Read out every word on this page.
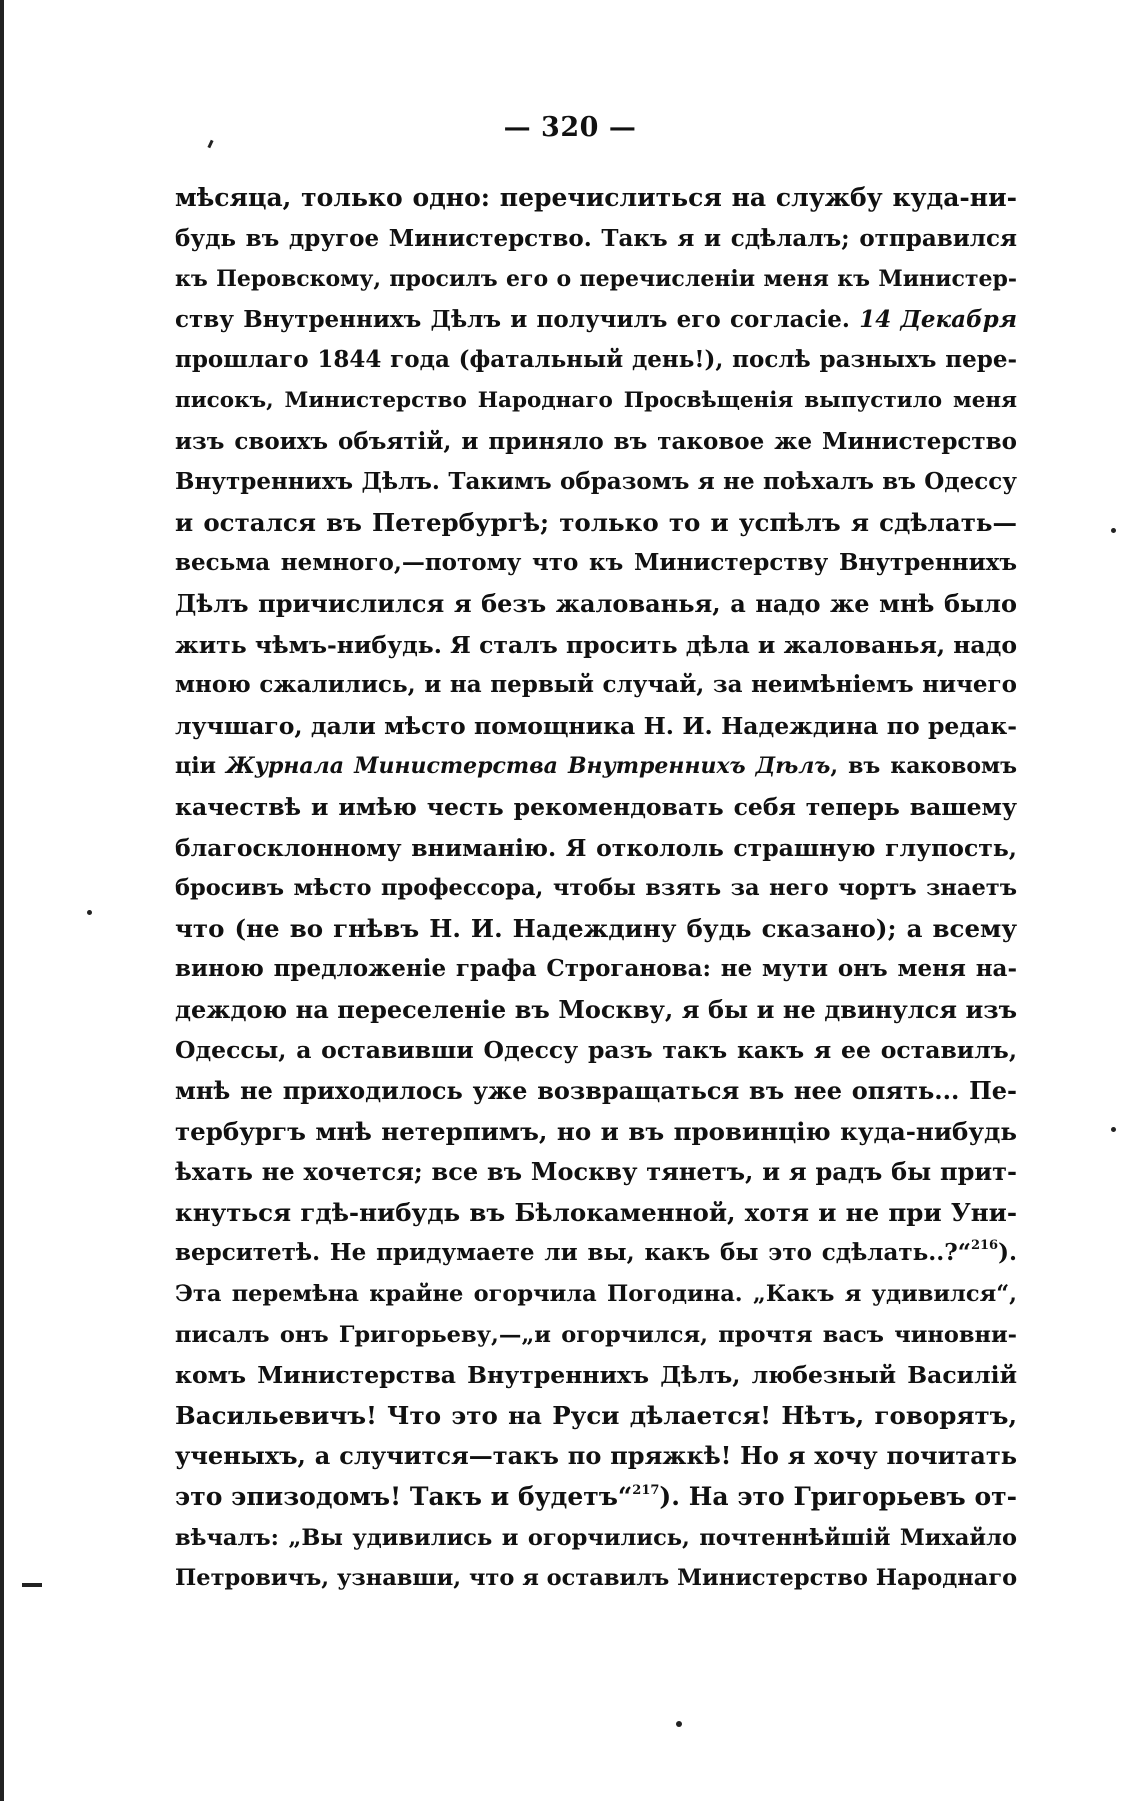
— 320 —
мѣсяца, только одно: перечислиться на службу куда-ни-
будь въ другое Министерство. Такъ я и сдѣлалъ; отправился
къ Перовскому, просилъ его о перечисленіи меня къ Министер-
ству Внутреннихъ Дѣлъ и получилъ его согласіе. 14 Декабря
прошлаго 1844 года (фатальный день!), послѣ разныхъ пере-
писокъ, Министерство Народнаго Просвѣщенія выпустило меня
изъ своихъ объятій, и приняло въ таковое же Министерство
Внутреннихъ Дѣлъ. Такимъ образомъ я не поѣхалъ въ Одессу
и остался въ Петербургѣ; только то и успѣлъ я сдѣлать—
весьма немного,—потому что къ Министерству Внутреннихъ
Дѣлъ причислился я безъ жалованья, а надо же мнѣ было
жить чѣмъ-нибудь. Я сталъ просить дѣла и жалованья, надо
мною сжалились, и на первый случай, за неимѣніемъ ничего
лучшаго, дали мѣсто помощника Н. И. Надеждина по редак-
ціи Журнала Министерства Внутреннихъ Дѣлъ, въ каковомъ
качествѣ и имѣю честь рекомендовать себя теперь вашему
благосклонному вниманію. Я откололь страшную глупость,
бросивъ мѣсто профессора, чтобы взять за него чортъ знаетъ
что (не во гнѣвъ Н. И. Надеждину будь сказано); а всему
виною предложеніе графа Строганова: не мути онъ меня на-
деждою на переселеніе въ Москву, я бы и не двинулся изъ
Одессы, а оставивши Одессу разъ такъ какъ я ее оставилъ,
мнѣ не приходилось уже возвращаться въ нее опять... Пе-
тербургъ мнѣ нетерпимъ, но и въ провинцію куда-нибудь
ѣхать не хочется; все въ Москву тянетъ, и я радъ бы прит-
кнуться гдѣ-нибудь въ Бѣлокаменной, хотя и не при Уни-
верситетѣ. Не придумаете ли вы, какъ бы это сдѣлать..?“$^{216}$).
Эта перемѣна крайне огорчила Погодина. „Какъ я удивился“,
писалъ онъ Григорьеву,—„и огорчился, прочтя васъ чиновни-
комъ Министерства Внутреннихъ Дѣлъ, любезный Василій
Васильевичъ! Что это на Руси дѣлается! Нѣтъ, говорятъ,
ученыхъ, а случится—такъ по пряжкѣ! Но я хочу почитать
это эпизодомъ! Такъ и будетъ“$^{217}$). На это Григорьевъ от-
вѣчалъ: „Вы удивились и огорчились, почтеннѣйшій Михайло
Петровичъ, узнавши, что я оставилъ Министерство Народнаго
